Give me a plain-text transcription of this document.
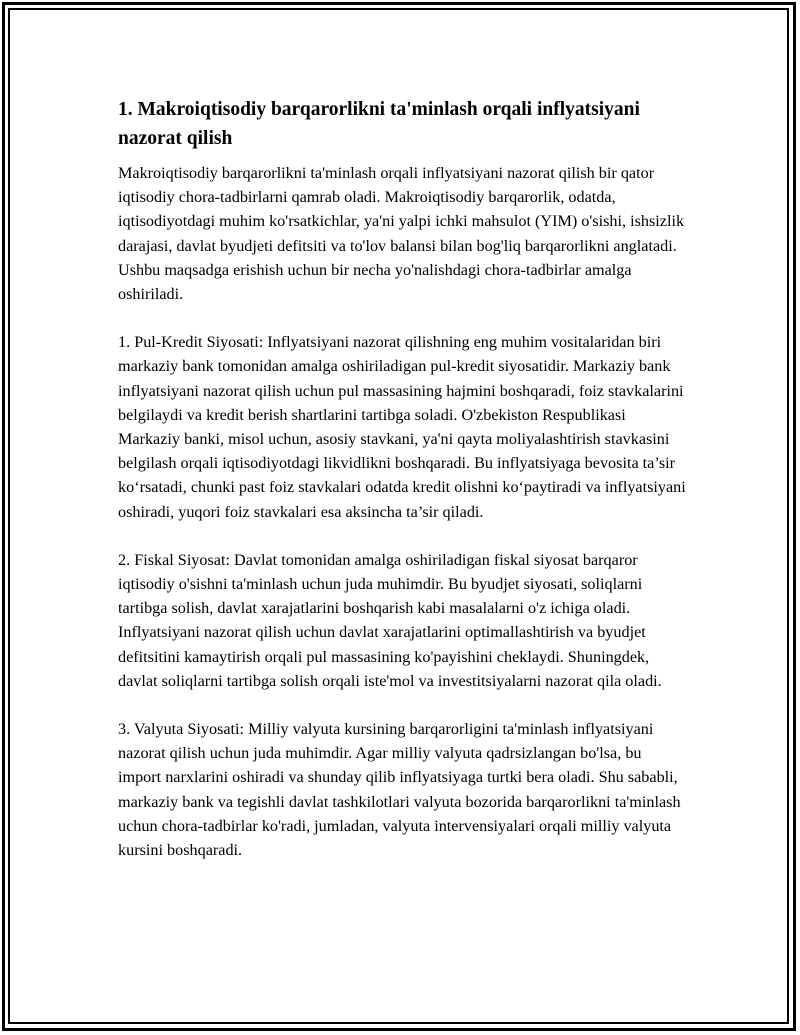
1. Makroiqtisodiy barqarorlikni ta'minlash orqali inflyatsiyani nazorat qilish

Makroiqtisodiy barqarorlikni ta'minlash orqali inflyatsiyani nazorat qilish bir qator iqtisodiy chora-tadbirlarni qamrab oladi. Makroiqtisodiy barqarorlik, odatda, iqtisodiyotdagi muhim ko'rsatkichlar, ya'ni yalpi ichki mahsulot (YIM) o'sishi, ishsizlik darajasi, davlat byudjeti defitsiti va to'lov balansi bilan bog'liq barqarorlikni anglatadi. Ushbu maqsadga erishish uchun bir necha yo'nalishdagi chora-tadbirlar amalga oshiriladi.

1. Pul-Kredit Siyosati: Inflyatsiyani nazorat qilishning eng muhim vositalaridan biri markaziy bank tomonidan amalga oshiriladigan pul-kredit siyosatidir. Markaziy bank inflyatsiyani nazorat qilish uchun pul massasining hajmini boshqaradi, foiz stavkalarini belgilaydi va kredit berish shartlarini tartibga soladi. O'zbekiston Respublikasi Markaziy banki, misol uchun, asosiy stavkani, ya'ni qayta moliyalashtirish stavkasini belgilash orqali iqtisodiyotdagi likvidlikni boshqaradi. Bu inflyatsiyaga bevosita ta’sir ko‘rsatadi, chunki past foiz stavkalari odatda kredit olishni ko‘paytiradi va inflyatsiyani oshiradi, yuqori foiz stavkalari esa aksincha ta’sir qiladi.

2. Fiskal Siyosat: Davlat tomonidan amalga oshiriladigan fiskal siyosat barqaror iqtisodiy o'sishni ta'minlash uchun juda muhimdir. Bu byudjet siyosati, soliqlarni tartibga solish, davlat xarajatlarini boshqarish kabi masalalarni o'z ichiga oladi. Inflyatsiyani nazorat qilish uchun davlat xarajatlarini optimallashtirish va byudjet defitsitini kamaytirish orqali pul massasining ko'payishini cheklaydi. Shuningdek, davlat soliqlarni tartibga solish orqali iste'mol va investitsiyalarni nazorat qila oladi.

3. Valyuta Siyosati: Milliy valyuta kursining barqarorligini ta'minlash inflyatsiyani nazorat qilish uchun juda muhimdir. Agar milliy valyuta qadrsizlangan bo'lsa, bu import narxlarini oshiradi va shunday qilib inflyatsiyaga turtki bera oladi. Shu sababli, markaziy bank va tegishli davlat tashkilotlari valyuta bozorida barqarorlikni ta'minlash uchun chora-tadbirlar ko'radi, jumladan, valyuta intervensiyalari orqali milliy valyuta kursini boshqaradi.
